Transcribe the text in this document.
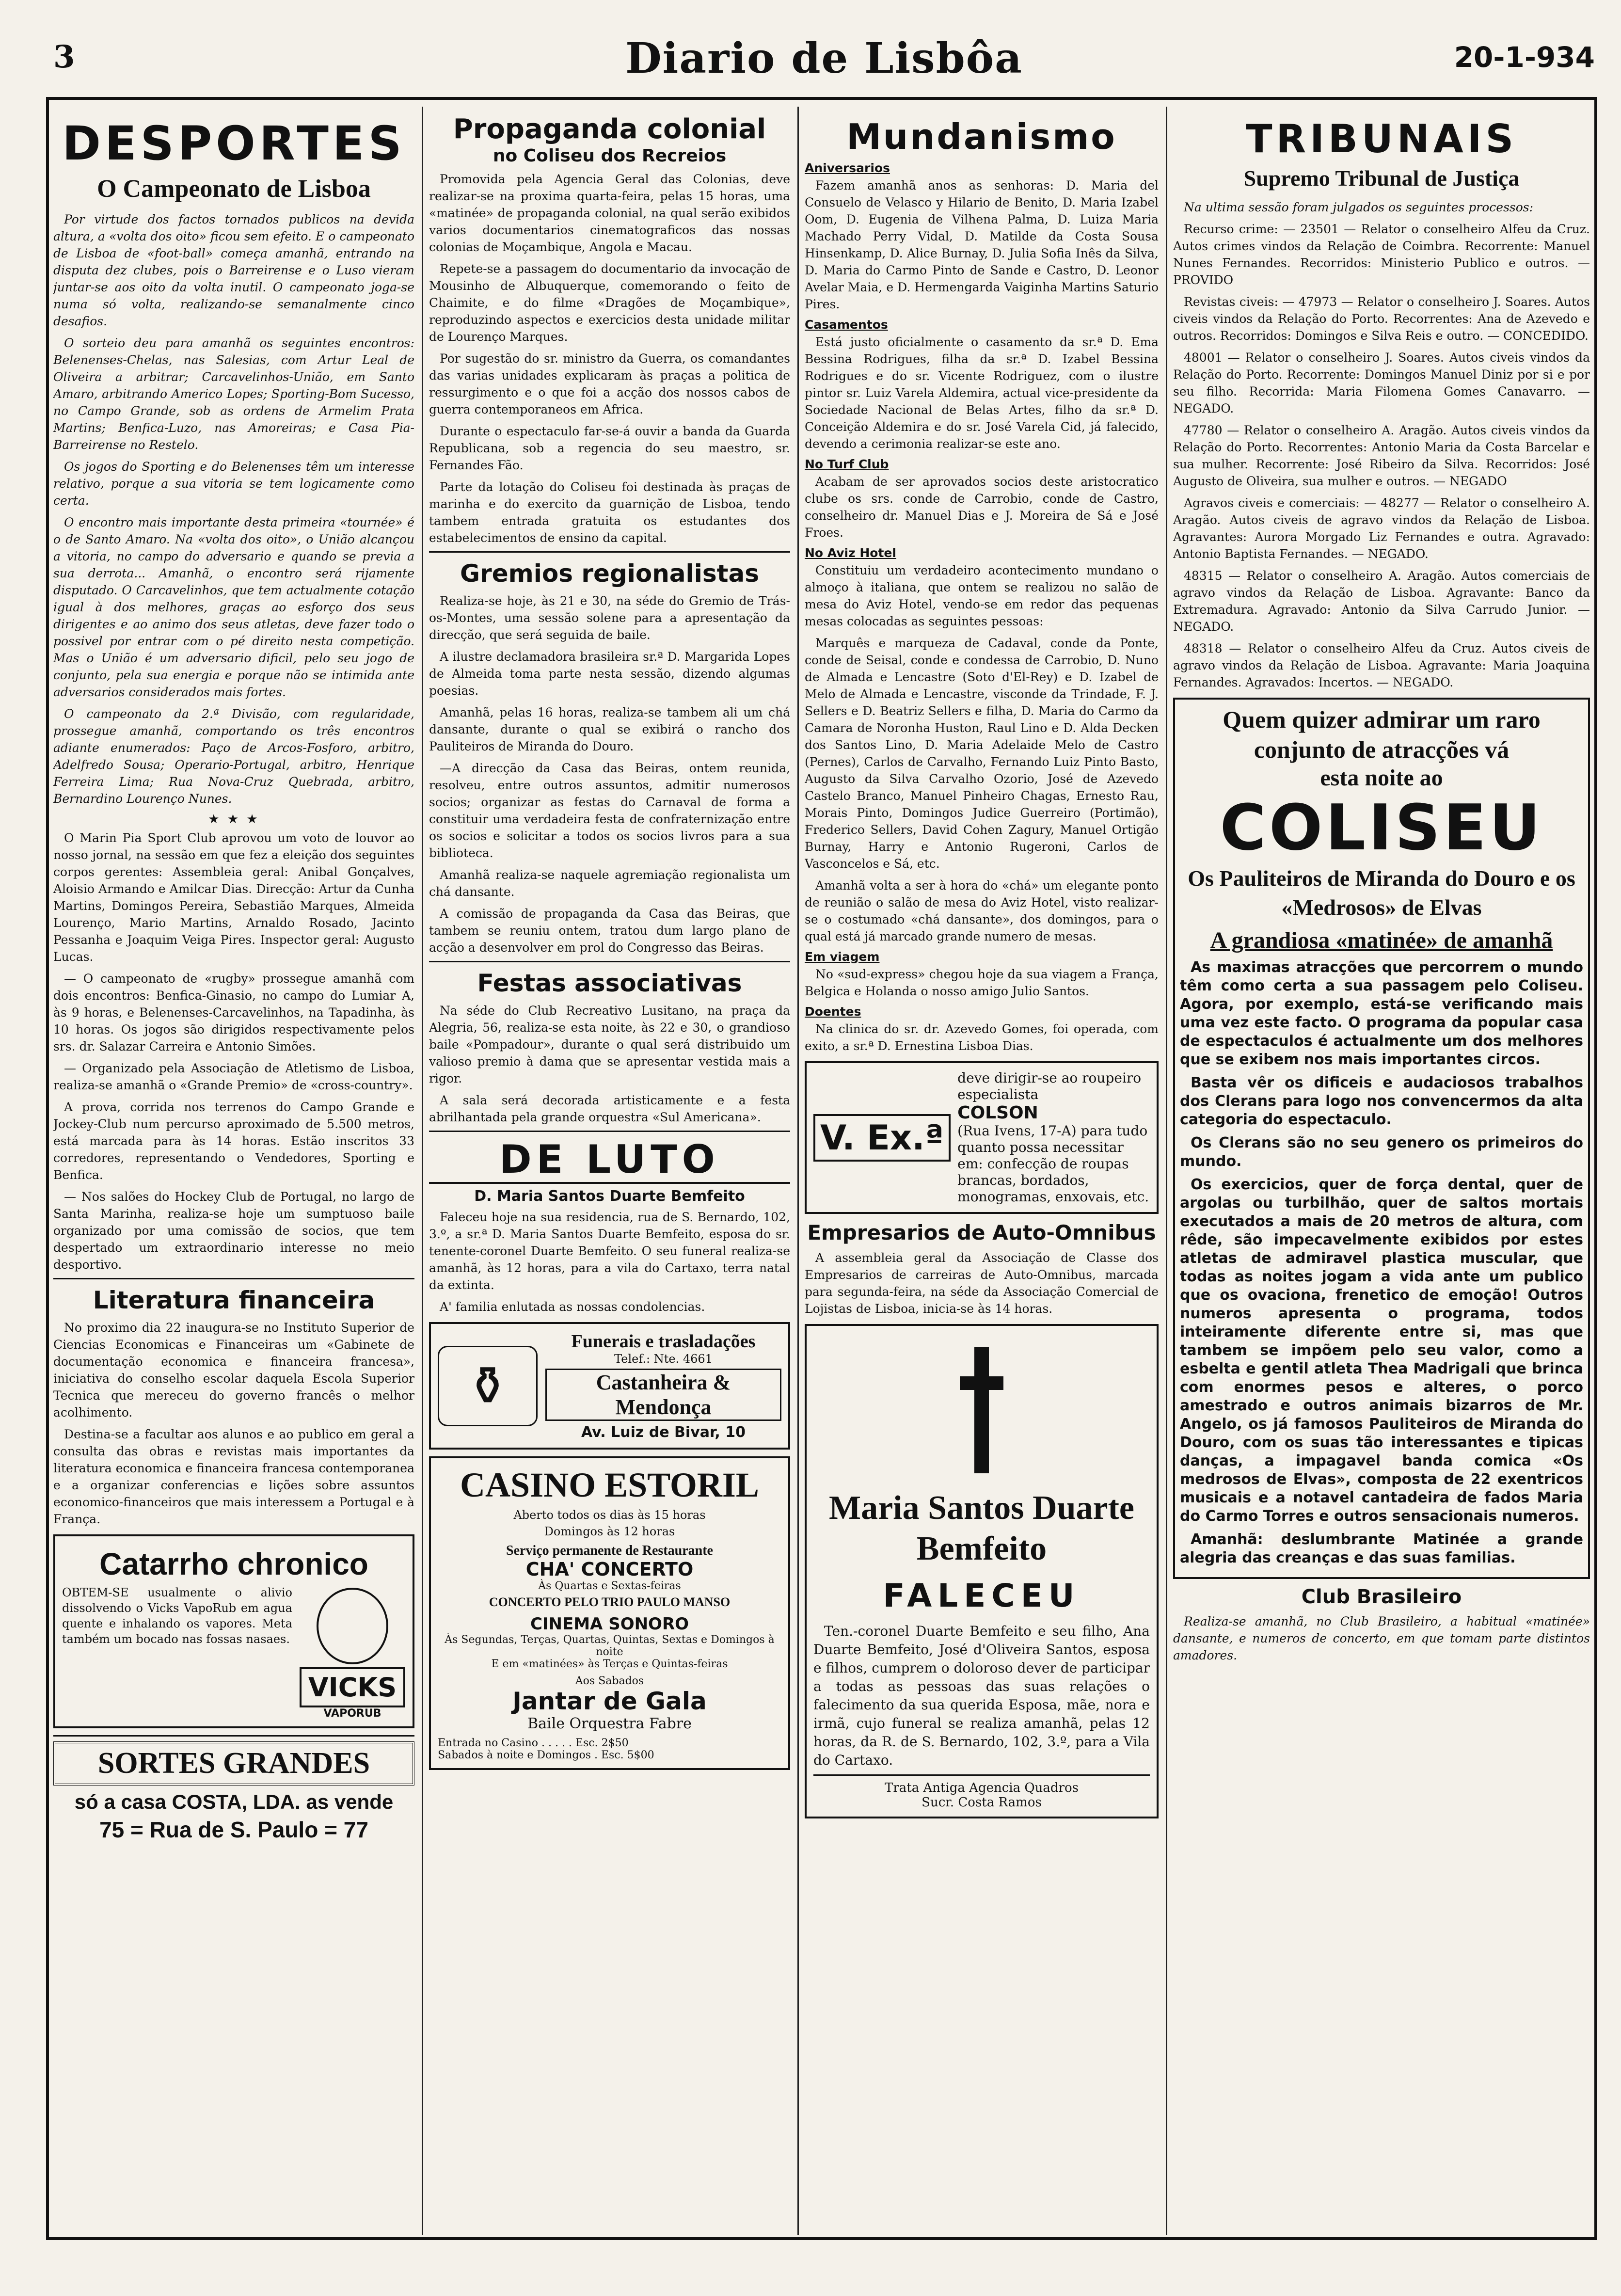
3	Diario de Lisbôa	20-1-934
DESPORTES
O Campeonato de Lisboa

Por virtude dos factos tornados publicos na devida altura, a «volta dos oito» ficou sem efeito. E o campeonato de Lisboa de «foot-ball» começa amanhã, entrando na disputa dez clubes, pois o Barreirense e o Luso vieram juntar-se aos oito da volta inutil. O campeonato joga-se numa só volta, realizando-se semanalmente cinco desafios.

O sorteio deu para amanhã os seguintes encontros: Belenenses-Chelas, nas Salesias, com Artur Leal de Oliveira a arbitrar; Carcavelinhos-União, em Santo Amaro, arbitrando Americo Lopes; Sporting-Bom Sucesso, no Campo Grande, sob as ordens de Armelim Prata Martins; Benfica-Luzo, nas Amoreiras; e Casa Pia-Barreirense no Restelo.

Os jogos do Sporting e do Belenenses têm um interesse relativo, porque a sua vitoria se tem logicamente como certa.

O encontro mais importante desta primeira «tournée» é o de Santo Amaro. Na «volta dos oito», o União alcançou a vitoria, no campo do adversario e quando se previa a sua derrota... Amanhã, o encontro será rijamente disputado. O Carcavelinhos, que tem actualmente cotação igual à dos melhores, graças ao esforço dos seus dirigentes e ao animo dos seus atletas, deve fazer todo o possivel por entrar com o pé direito nesta competição. Mas o União é um adversario dificil, pelo seu jogo de conjunto, pela sua energia e porque não se intimida ante adversarios considerados mais fortes.

O campeonato da 2.ª Divisão, com regularidade, prossegue amanhã, comportando os três encontros adiante enumerados: Paço de Arcos-Fosforo, arbitro, Adelfredo Sousa; Operario-Portugal, arbitro, Henrique Ferreira Lima; Rua Nova-Cruz Quebrada, arbitro, Bernardino Lourenço Nunes.

★ ★ ★

O Marin Pia Sport Club aprovou um voto de louvor ao nosso jornal, na sessão em que fez a eleição dos seguintes corpos gerentes: Assembleia geral: Anibal Gonçalves, Aloisio Armando e Amilcar Dias. Direcção: Artur da Cunha Martins, Domingos Pereira, Sebastião Marques, Almeida Lourenço, Mario Martins, Arnaldo Rosado, Jacinto Pessanha e Joaquim Veiga Pires. Inspector geral: Augusto Lucas.

— O campeonato de «rugby» prossegue amanhã com dois encontros: Benfica-Ginasio, no campo do Lumiar A, às 9 horas, e Belenenses-Carcavelinhos, na Tapadinha, às 10 horas. Os jogos são dirigidos respectivamente pelos srs. dr. Salazar Carreira e Antonio Simões.

— Organizado pela Associação de Atletismo de Lisboa, realiza-se amanhã o «Grande Premio» de «cross-country».

A prova, corrida nos terrenos do Campo Grande e Jockey-Club num percurso aproximado de 5.500 metros, está marcada para às 14 horas. Estão inscritos 33 corredores, representando o Vendedores, Sporting e Benfica.

— Nos salões do Hockey Club de Portugal, no largo de Santa Marinha, realiza-se hoje um sumptuoso baile organizado por uma comissão de socios, que tem despertado um extraordinario interesse no meio desportivo.

Literatura financeira

No proximo dia 22 inaugura-se no Instituto Superior de Ciencias Economicas e Financeiras um «Gabinete de documentação economica e financeira francesa», iniciativa do conselho escolar daquela Escola Superior Tecnica que mereceu do governo francês o melhor acolhimento.

Destina-se a facultar aos alunos e ao publico em geral a consulta das obras e revistas mais importantes da literatura economica e financeira francesa contemporanea e a organizar conferencias e lições sobre assuntos economico-financeiros que mais interessem a Portugal e à França.

Catarrho chronico

OBTEM-SE usualmente o alivio dissolvendo o Vicks VapoRub em agua quente e inhalando os vapores. Meta também um bocado nas fossas nasaes.

VICKS
VAPORUB
SORTES GRANDES
só a casa COSTA, LDA. as vende
75 = Rua de S. Paulo = 77
Propaganda colonial
no Coliseu dos Recreios

Promovida pela Agencia Geral das Colonias, deve realizar-se na proxima quarta-feira, pelas 15 horas, uma «matinée» de propaganda colonial, na qual serão exibidos varios documentarios cinematograficos das nossas colonias de Moçambique, Angola e Macau.

Repete-se a passagem do documentario da invocação de Mousinho de Albuquerque, comemorando o feito de Chaimite, e do filme «Dragões de Moçambique», reproduzindo aspectos e exercicios desta unidade militar de Lourenço Marques.

Por sugestão do sr. ministro da Guerra, os comandantes das varias unidades explicaram às praças a politica de ressurgimento e o que foi a acção dos nossos cabos de guerra contemporaneos em Africa.

Durante o espectaculo far-se-á ouvir a banda da Guarda Republicana, sob a regencia do seu maestro, sr. Fernandes Fão.

Parte da lotação do Coliseu foi destinada às praças de marinha e do exercito da guarnição de Lisboa, tendo tambem entrada gratuita os estudantes dos estabelecimentos de ensino da capital.

Gremios regionalistas

Realiza-se hoje, às 21 e 30, na séde do Gremio de Trás-os-Montes, uma sessão solene para a apresentação da direcção, que será seguida de baile.

A ilustre declamadora brasileira sr.ª D. Margarida Lopes de Almeida toma parte nesta sessão, dizendo algumas poesias.

Amanhã, pelas 16 horas, realiza-se tambem ali um chá dansante, durante o qual se exibirá o rancho dos Pauliteiros de Miranda do Douro.

—A direcção da Casa das Beiras, ontem reunida, resolveu, entre outros assuntos, admitir numerosos socios; organizar as festas do Carnaval de forma a constituir uma verdadeira festa de confraternização entre os socios e solicitar a todos os socios livros para a sua biblioteca.

Amanhã realiza-se naquele agremiação regionalista um chá dansante.

A comissão de propaganda da Casa das Beiras, que tambem se reuniu ontem, tratou dum largo plano de acção a desenvolver em prol do Congresso das Beiras.

Festas associativas

Na séde do Club Recreativo Lusitano, na praça da Alegria, 56, realiza-se esta noite, às 22 e 30, o grandioso baile «Pompadour», durante o qual será distribuido um valioso premio à dama que se apresentar vestida mais a rigor.

A sala será decorada artisticamente e a festa abrilhantada pela grande orquestra «Sul Americana».

DE LUTO
D. Maria Santos Duarte Bemfeito

Faleceu hoje na sua residencia, rua de S. Bernardo, 102, 3.º, a sr.ª D. Maria Santos Duarte Bemfeito, esposa do sr. tenente-coronel Duarte Bemfeito. O seu funeral realiza-se amanhã, às 12 horas, para a vila do Cartaxo, terra natal da extinta.

A' familia enlutada as nossas condolencias.

⚱
Funerais e trasladações
Telef.: Nte. 4661
Castanheira & Mendonça
Av. Luiz de Bivar, 10
CASINO ESTORIL
Aberto todos os dias às 15 horas
Domingos às 12 horas
Serviço permanente de Restaurante
CHA' CONCERTO
Às Quartas e Sextas-feiras
CONCERTO PELO TRIO PAULO MANSO
CINEMA SONORO
Às Segundas, Terças, Quartas, Quintas, Sextas e Domingos à noite
E em «matinées» às Terças e Quintas-feiras
Aos Sabados
Jantar de Gala
Baile Orquestra Fabre
Entrada no Casino . . . . . Esc. 2$50
Sabados à noite e Domingos . Esc. 5$00
Mundanismo
Aniversarios

Fazem amanhã anos as senhoras: D. Maria del Consuelo de Velasco y Hilario de Benito, D. Maria Izabel Oom, D. Eugenia de Vilhena Palma, D. Luiza Maria Machado Perry Vidal, D. Matilde da Costa Sousa Hinsenkamp, D. Alice Burnay, D. Julia Sofia Inês da Silva, D. Maria do Carmo Pinto de Sande e Castro, D. Leonor Avelar Maia, e D. Hermengarda Vaiginha Martins Saturio Pires.

Casamentos

Está justo oficialmente o casamento da sr.ª D. Ema Bessina Rodrigues, filha da sr.ª D. Izabel Bessina Rodrigues e do sr. Vicente Rodriguez, com o ilustre pintor sr. Luiz Varela Aldemira, actual vice-presidente da Sociedade Nacional de Belas Artes, filho da sr.ª D. Conceição Aldemira e do sr. José Varela Cid, já falecido, devendo a cerimonia realizar-se este ano.

No Turf Club

Acabam de ser aprovados socios deste aristocratico clube os srs. conde de Carrobio, conde de Castro, conselheiro dr. Manuel Dias e J. Moreira de Sá e José Froes.

No Aviz Hotel

Constituiu um verdadeiro acontecimento mundano o almoço à italiana, que ontem se realizou no salão de mesa do Aviz Hotel, vendo-se em redor das pequenas mesas colocadas as seguintes pessoas:

Marquês e marqueza de Cadaval, conde da Ponte, conde de Seisal, conde e condessa de Carrobio, D. Nuno de Almada e Lencastre (Soto d'El-Rey) e D. Izabel de Melo de Almada e Lencastre, visconde da Trindade, F. J. Sellers e D. Beatriz Sellers e filha, D. Maria do Carmo da Camara de Noronha Huston, Raul Lino e D. Alda Decken dos Santos Lino, D. Maria Adelaide Melo de Castro (Pernes), Carlos de Carvalho, Fernando Luiz Pinto Basto, Augusto da Silva Carvalho Ozorio, José de Azevedo Castelo Branco, Manuel Pinheiro Chagas, Ernesto Rau, Morais Pinto, Domingos Judice Guerreiro (Portimão), Frederico Sellers, David Cohen Zagury, Manuel Ortigão Burnay, Harry e Antonio Rugeroni, Carlos de Vasconcelos e Sá, etc.

Amanhã volta a ser à hora do «chá» um elegante ponto de reunião o salão de mesa do Aviz Hotel, visto realizar-se o costumado «chá dansante», dos domingos, para o qual está já marcado grande numero de mesas.

Em viagem

No «sud-express» chegou hoje da sua viagem a França, Belgica e Holanda o nosso amigo Julio Santos.

Doentes

Na clinica do sr. dr. Azevedo Gomes, foi operada, com exito, a sr.ª D. Ernestina Lisboa Dias.

V. Ex.ª
deve dirigir-se ao roupeiro especialista
COLSON
(Rua Ivens, 17-A) para tudo quanto possa necessitar em: confecção de roupas brancas, bordados, monogramas, enxovais, etc.
Empresarios de Auto-Omnibus

A assembleia geral da Associação de Classe dos Empresarios de carreiras de Auto-Omnibus, marcada para segunda-feira, na séde da Associação Comercial de Lojistas de Lisboa, inicia-se às 14 horas.

Maria Santos Duarte Bemfeito
FALECEU

Ten.-coronel Duarte Bemfeito e seu filho, Ana Duarte Bemfeito, José d'Oliveira Santos, esposa e filhos, cumprem o doloroso dever de participar a todas as pessoas das suas relações o falecimento da sua querida Esposa, mãe, nora e irmã, cujo funeral se realiza amanhã, pelas 12 horas, da R. de S. Bernardo, 102, 3.º, para a Vila do Cartaxo.

Trata Antiga Agencia Quadros
Sucr. Costa Ramos
TRIBUNAIS
Supremo Tribunal de Justiça

Na ultima sessão foram julgados os seguintes processos:

Recurso crime: — 23501 — Relator o conselheiro Alfeu da Cruz. Autos crimes vindos da Relação de Coimbra. Recorrente: Manuel Nunes Fernandes. Recorridos: Ministerio Publico e outros. — PROVIDO

Revistas civeis: — 47973 — Relator o conselheiro J. Soares. Autos civeis vindos da Relação do Porto. Recorrentes: Ana de Azevedo e outros. Recorridos: Domingos e Silva Reis e outro. — CONCEDIDO.

48001 — Relator o conselheiro J. Soares. Autos civeis vindos da Relação do Porto. Recorrente: Domingos Manuel Diniz por si e por seu filho. Recorrida: Maria Filomena Gomes Canavarro. — NEGADO.

47780 — Relator o conselheiro A. Aragão. Autos civeis vindos da Relação do Porto. Recorrentes: Antonio Maria da Costa Barcelar e sua mulher. Recorrente: José Ribeiro da Silva. Recorridos: José Augusto de Oliveira, sua mulher e outros. — NEGADO

Agravos civeis e comerciais: — 48277 — Relator o conselheiro A. Aragão. Autos civeis de agravo vindos da Relação de Lisboa. Agravantes: Aurora Morgado Liz Fernandes e outra. Agravado: Antonio Baptista Fernandes. — NEGADO.

48315 — Relator o conselheiro A. Aragão. Autos comerciais de agravo vindos da Relação de Lisboa. Agravante: Banco da Extremadura. Agravado: Antonio da Silva Carrudo Junior. — NEGADO.

48318 — Relator o conselheiro Alfeu da Cruz. Autos civeis de agravo vindos da Relação de Lisboa. Agravante: Maria Joaquina Fernandes. Agravados: Incertos. — NEGADO.

Quem quizer admirar um raro conjunto de atracções vá
esta noite ao
COLISEU
Os Pauliteiros de Miranda do Douro e os «Medrosos» de Elvas
A grandiosa «matinée» de amanhã

As maximas atracções que percorrem o mundo têm como certa a sua passagem pelo Coliseu. Agora, por exemplo, está-se verificando mais uma vez este facto. O programa da popular casa de espectaculos é actualmente um dos melhores que se exibem nos mais importantes circos.

Basta vêr os dificeis e audaciosos trabalhos dos Clerans para logo nos convencermos da alta categoria do espectaculo.

Os Clerans são no seu genero os primeiros do mundo.

Os exercicios, quer de força dental, quer de argolas ou turbilhão, quer de saltos mortais executados a mais de 20 metros de altura, com rêde, são impecavelmente exibidos por estes atletas de admiravel plastica muscular, que todas as noites jogam a vida ante um publico que os ovaciona, frenetico de emoção! Outros numeros apresenta o programa, todos inteiramente diferente entre si, mas que tambem se impõem pelo seu valor, como a esbelta e gentil atleta Thea Madrigali que brinca com enormes pesos e alteres, o porco amestrado e outros animais bizarros de Mr. Angelo, os já famosos Pauliteiros de Miranda do Douro, com os suas tão interessantes e tipicas danças, a impagavel banda comica «Os medrosos de Elvas», composta de 22 exentricos musicais e a notavel cantadeira de fados Maria do Carmo Torres e outros sensacionais numeros.

Amanhã: deslumbrante Matinée a grande alegria das creanças e das suas familias.

Club Brasileiro

Realiza-se amanhã, no Club Brasileiro, a habitual «matinée» dansante, e numeros de concerto, em que tomam parte distintos amadores.
